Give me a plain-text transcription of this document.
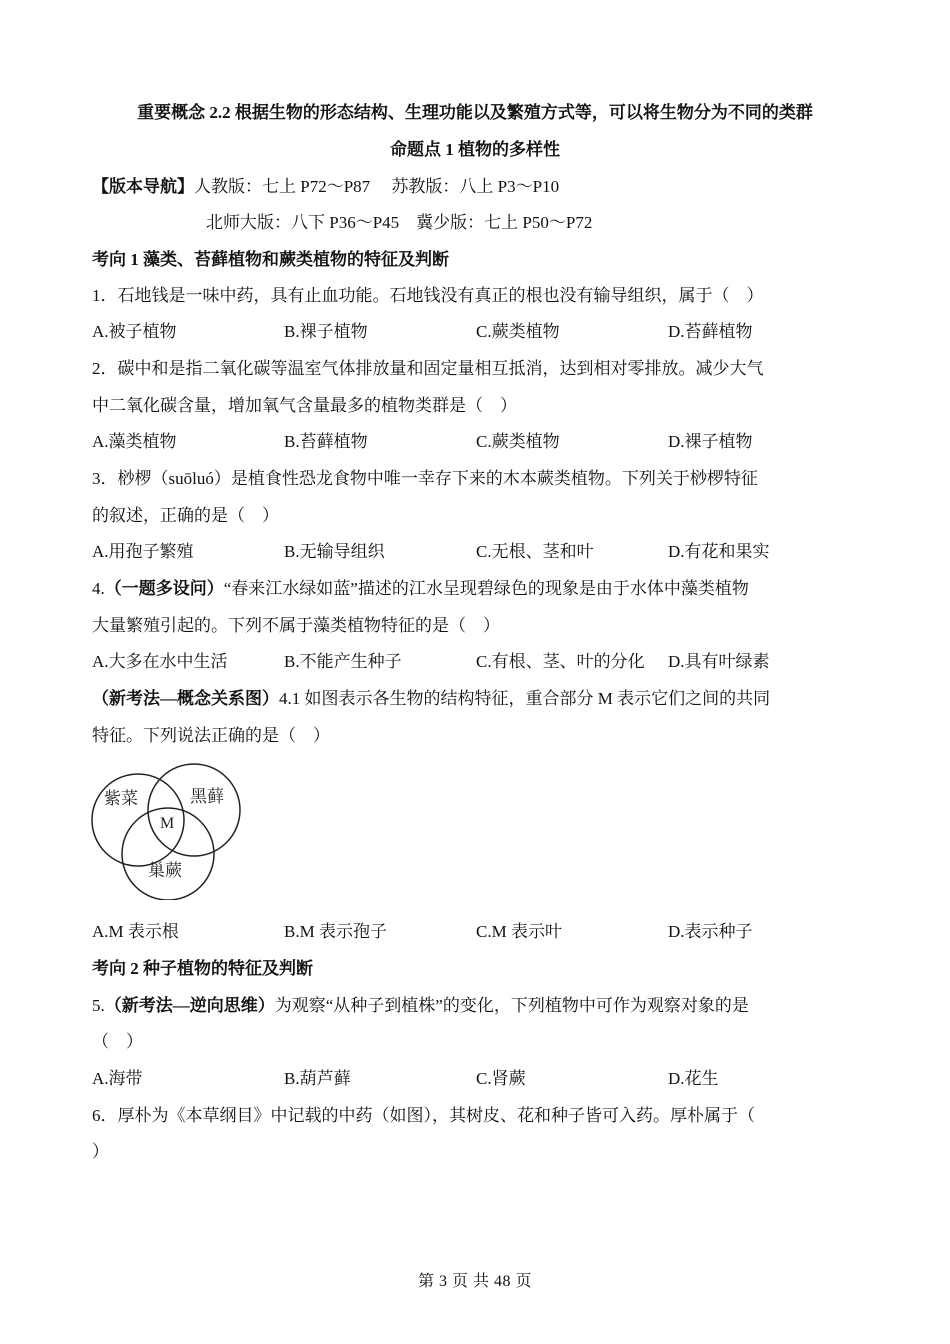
重要概念 2.2 根据生物的形态结构、生理功能以及繁殖方式等，可以将生物分为不同的类群
命题点 1 植物的多样性
【版本导航】人教版：七上 P72～P87　 苏教版：八上 P3～P10
北师大版：八下 P36～P45　冀少版：七上 P50～P72
考向 1 藻类、苔藓植物和蕨类植物的特征及判断
1．石地钱是一味中药，具有止血功能。石地钱没有真正的根也没有输导组织，属于（　）
A.被子植物	B.裸子植物	C.蕨类植物	D.苔藓植物
2．碳中和是指二氧化碳等温室气体排放量和固定量相互抵消，达到相对零排放。减少大气
中二氧化碳含量，增加氧气含量最多的植物类群是（　）
A.藻类植物	B.苔藓植物	C.蕨类植物	D.裸子植物
3．桫椤（suōluó）是植食性恐龙食物中唯一幸存下来的木本蕨类植物。下列关于桫椤特征
的叙述，正确的是（　）
A.用孢子繁殖	B.无输导组织	C.无根、茎和叶	D.有花和果实
4.（一题多设问）“春来江水绿如蓝”描述的江水呈现碧绿色的现象是由于水体中藻类植物
大量繁殖引起的。下列不属于藻类植物特征的是（　）
A.大多在水中生活	B.不能产生种子	C.有根、茎、叶的分化 D.具有叶绿素
（新考法—概念关系图）4.1 如图表示各生物的结构特征，重合部分 M 表示它们之间的共同
特征。下列说法正确的是（　）
紫菜	黑藓
巢蕨
M
A.M 表示根	B.M 表示孢子	C.M 表示叶	D.表示种子
考向 2 种子植物的特征及判断
5.（新考法—逆向思维）为观察“从种子到植株”的变化，下列植物中可作为观察对象的是
（　）
A.海带	B.葫芦藓	C.肾蕨	D.花生
6．厚朴为《本草纲目》中记载的中药（如图），其树皮、花和种子皆可入药。厚朴属于（
）
第 3 页 共 48 页
